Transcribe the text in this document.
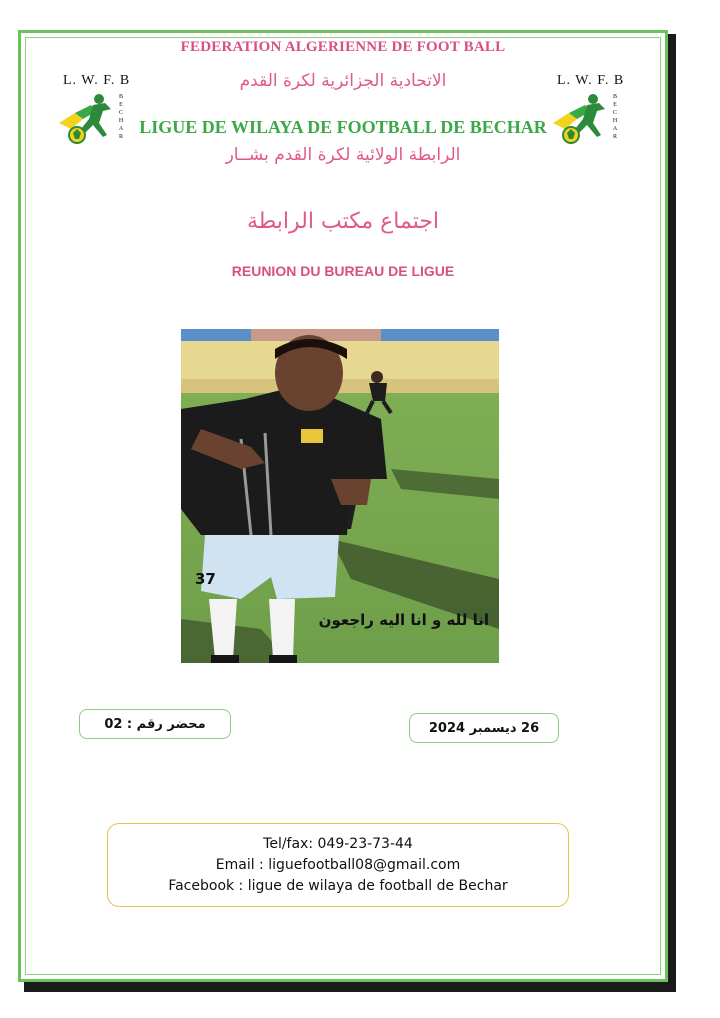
FEDERATION ALGERIENNE DE FOOT BALL
الاتحادية الجزائرية لكرة القدم
LIGUE DE WILAYA DE FOOTBALL DE BECHAR
الرابطة الولائية لكرة القدم بشــار
L. W. F. B
B
E
C
H
A
R
L. W. F. B
B
E
C
H
A
R
اجتماع مكتب الرابطة
REUNION DU BUREAU DE LIGUE
37
انا لله و انا اليه راجعون
محضر رقم : 02	26 ديسمبر 2024
Tel/fax: 049-23-73-44
Email : liguefootball08@gmail.com
Facebook : ligue de wilaya de football de Bechar
